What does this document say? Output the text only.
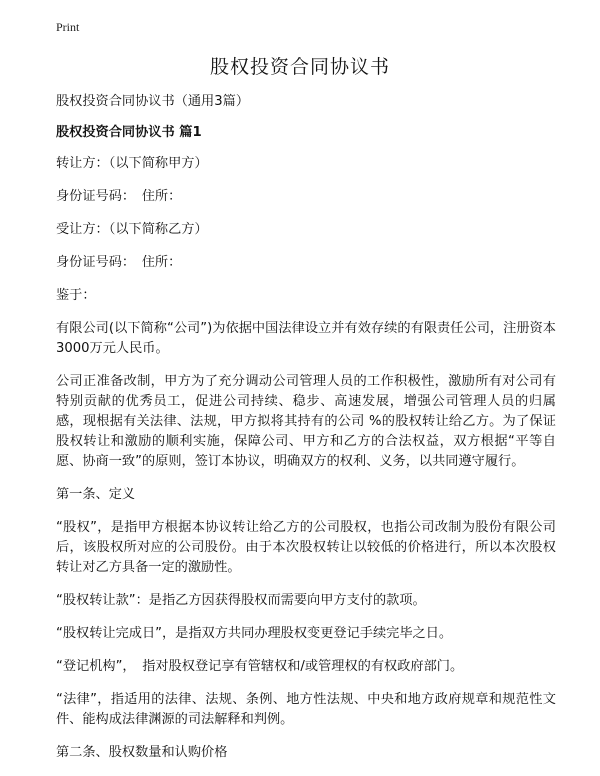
Print
股权投资合同协议书

股权投资合同协议书（通用3篇）

股权投资合同协议书 篇1

转让方：（以下简称甲方）

身份证号码：　住所：

受让方：（以下简称乙方）

身份证号码：　住所：

鉴于：

有限公司(以下简称“公司”)为依据中国法律设立并有效存续的有限责任公司，注册资本3000万元人民币。

公司正准备改制，甲方为了充分调动公司管理人员的工作积极性，激励所有对公司有特别贡献的优秀员工，促进公司持续、稳步、高速发展，增强公司管理人员的归属感，现根据有关法律、法规，甲方拟将其持有的公司 %的股权转让给乙方。为了保证股权转让和激励的顺利实施，保障公司、甲方和乙方的合法权益，双方根据“平等自愿、协商一致”的原则，签订本协议，明确双方的权利、义务，以共同遵守履行。

第一条、定义

“股权”，是指甲方根据本协议转让给乙方的公司股权，也指公司改制为股份有限公司后，该股权所对应的公司股份。由于本次股权转让以较低的价格进行，所以本次股权转让对乙方具备一定的激励性。

“股权转让款”：是指乙方因获得股权而需要向甲方支付的款项。

“股权转让完成日”，是指双方共同办理股权变更登记手续完毕之日。

“登记机构”，　指对股权登记享有管辖权和/或管理权的有权政府部门。

“法律”，指适用的法律、法规、条例、地方性法规、中央和地方政府规章和规范性文件、能构成法律渊源的司法解释和判例。

第二条、股权数量和认购价格
